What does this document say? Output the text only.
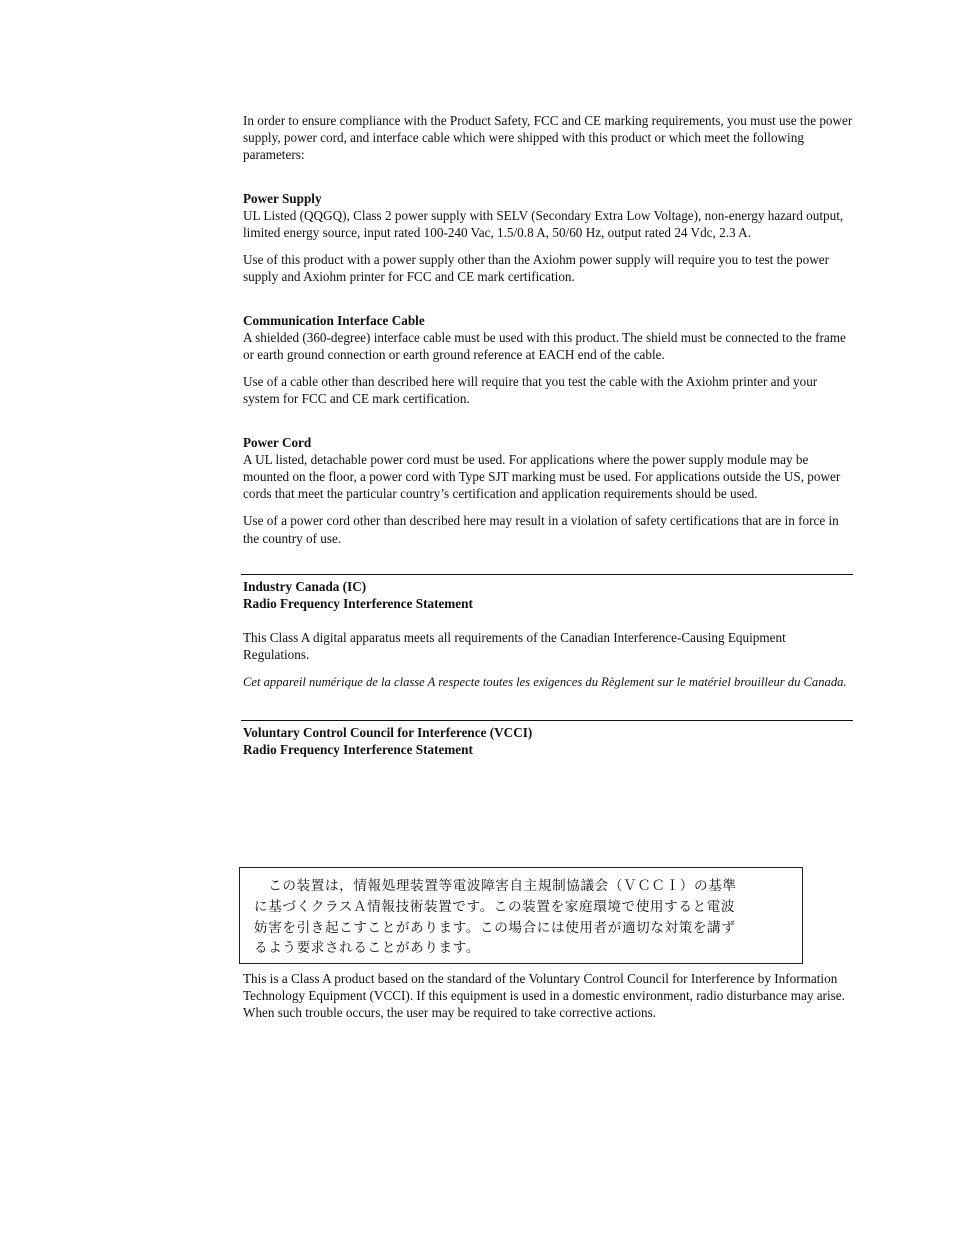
In order to ensure compliance with the Product Safety, FCC and CE marking requirements, you must use the power supply, power cord, and interface cable which were shipped with this product or which meet the following parameters:

Power Supply

UL Listed (QQGQ), Class 2 power supply with SELV (Secondary Extra Low Voltage), non-energy hazard output, limited energy source, input rated 100-240 Vac, 1.5/0.8 A, 50/60 Hz, output rated 24 Vdc, 2.3 A.

Use of this product with a power supply other than the Axiohm power supply will require you to test the power supply and Axiohm printer for FCC and CE mark certification.

Communication Interface Cable

A shielded (360-degree) interface cable must be used with this product. The shield must be connected to the frame or earth ground connection or earth ground reference at EACH end of the cable.

Use of a cable other than described here will require that you test the cable with the Axiohm printer and your system for FCC and CE mark certification.

Power Cord

A UL listed, detachable power cord must be used. For applications where the power supply module may be mounted on the floor, a power cord with Type SJT marking must be used. For applications outside the US, power cords that meet the particular country’s certification and application requirements should be used.

Use of a power cord other than described here may result in a violation of safety certifications that are in force in the country of use.

Industry Canada (IC)

Radio Frequency Interference Statement

This Class A digital apparatus meets all requirements of the Canadian Interference-Causing Equipment Regulations.

Cet appareil numérique de la classe A respecte toutes les exigences du Règlement sur le matériel brouilleur du Canada.

Voluntary Control Council for Interference (VCCI)

Radio Frequency Interference Statement

　この装置は，情報処理装置等電波障害自主規制協議会（ＶＣＣＩ）の基準
に基づくクラスＡ情報技術装置です。この装置を家庭環境で使用すると電波
妨害を引き起こすことがあります。この場合には使用者が適切な対策を講ず
るよう要求されることがあります。

This is a Class A product based on the standard of the Voluntary Control Council for Interference by Information Technology Equipment (VCCI). If this equipment is used in a domestic environment, radio disturbance may arise. When such trouble occurs, the user may be required to take corrective actions.
